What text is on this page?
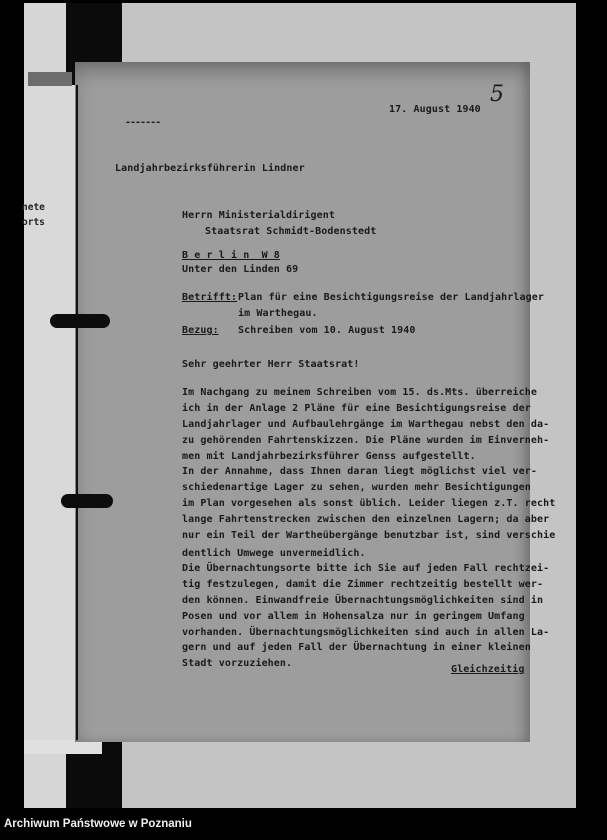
nete
orts
17. August 1940
-------
Landjahrbezirksführerin Lindner
Herrn Ministerialdirigent
Staatsrat Schmidt-Bodenstedt
B e r l i n  W 8
Unter den Linden 69
Betrifft: Plan für eine Besichtigungsreise der Landjahrlager
im Warthegau.
Bezug: Schreiben vom 10. August 1940
Sehr geehrter Herr Staatsrat!
Im Nachgang zu meinem Schreiben vom 15. ds.Mts. überreiche
ich in der Anlage 2 Pläne für eine Besichtigungsreise der
Landjahrlager und Aufbaulehrgänge im Warthegau nebst den da-
zu gehörenden Fahrtenskizzen. Die Pläne wurden im Einverneh-
men mit Landjahrbezirksführer Genss aufgestellt.
In der Annahme, dass Ihnen daran liegt möglichst viel ver-
schiedenartige Lager zu sehen, wurden mehr Besichtigungen
im Plan vorgesehen als sonst üblich. Leider liegen z.T. recht
lange Fahrtenstrecken zwischen den einzelnen Lagern; da aber
nur ein Teil der Wartheübergänge benutzbar ist, sind verschie
dentlich Umwege unvermeidlich.
Die Übernachtungsorte bitte ich Sie auf jeden Fall rechtzei-
tig festzulegen, damit die Zimmer rechtzeitig bestellt wer-
den können. Einwandfreie Übernachtungsmöglichkeiten sind in
Posen und vor allem in Hohensalza nur in geringem Umfang
vorhanden. Übernachtungsmöglichkeiten sind auch in allen La-
gern und auf jeden Fall der Übernachtung in einer kleinen
Stadt vorzuziehen.
Gleichzeitig
5
Archiwum Państwowe w Poznaniu
